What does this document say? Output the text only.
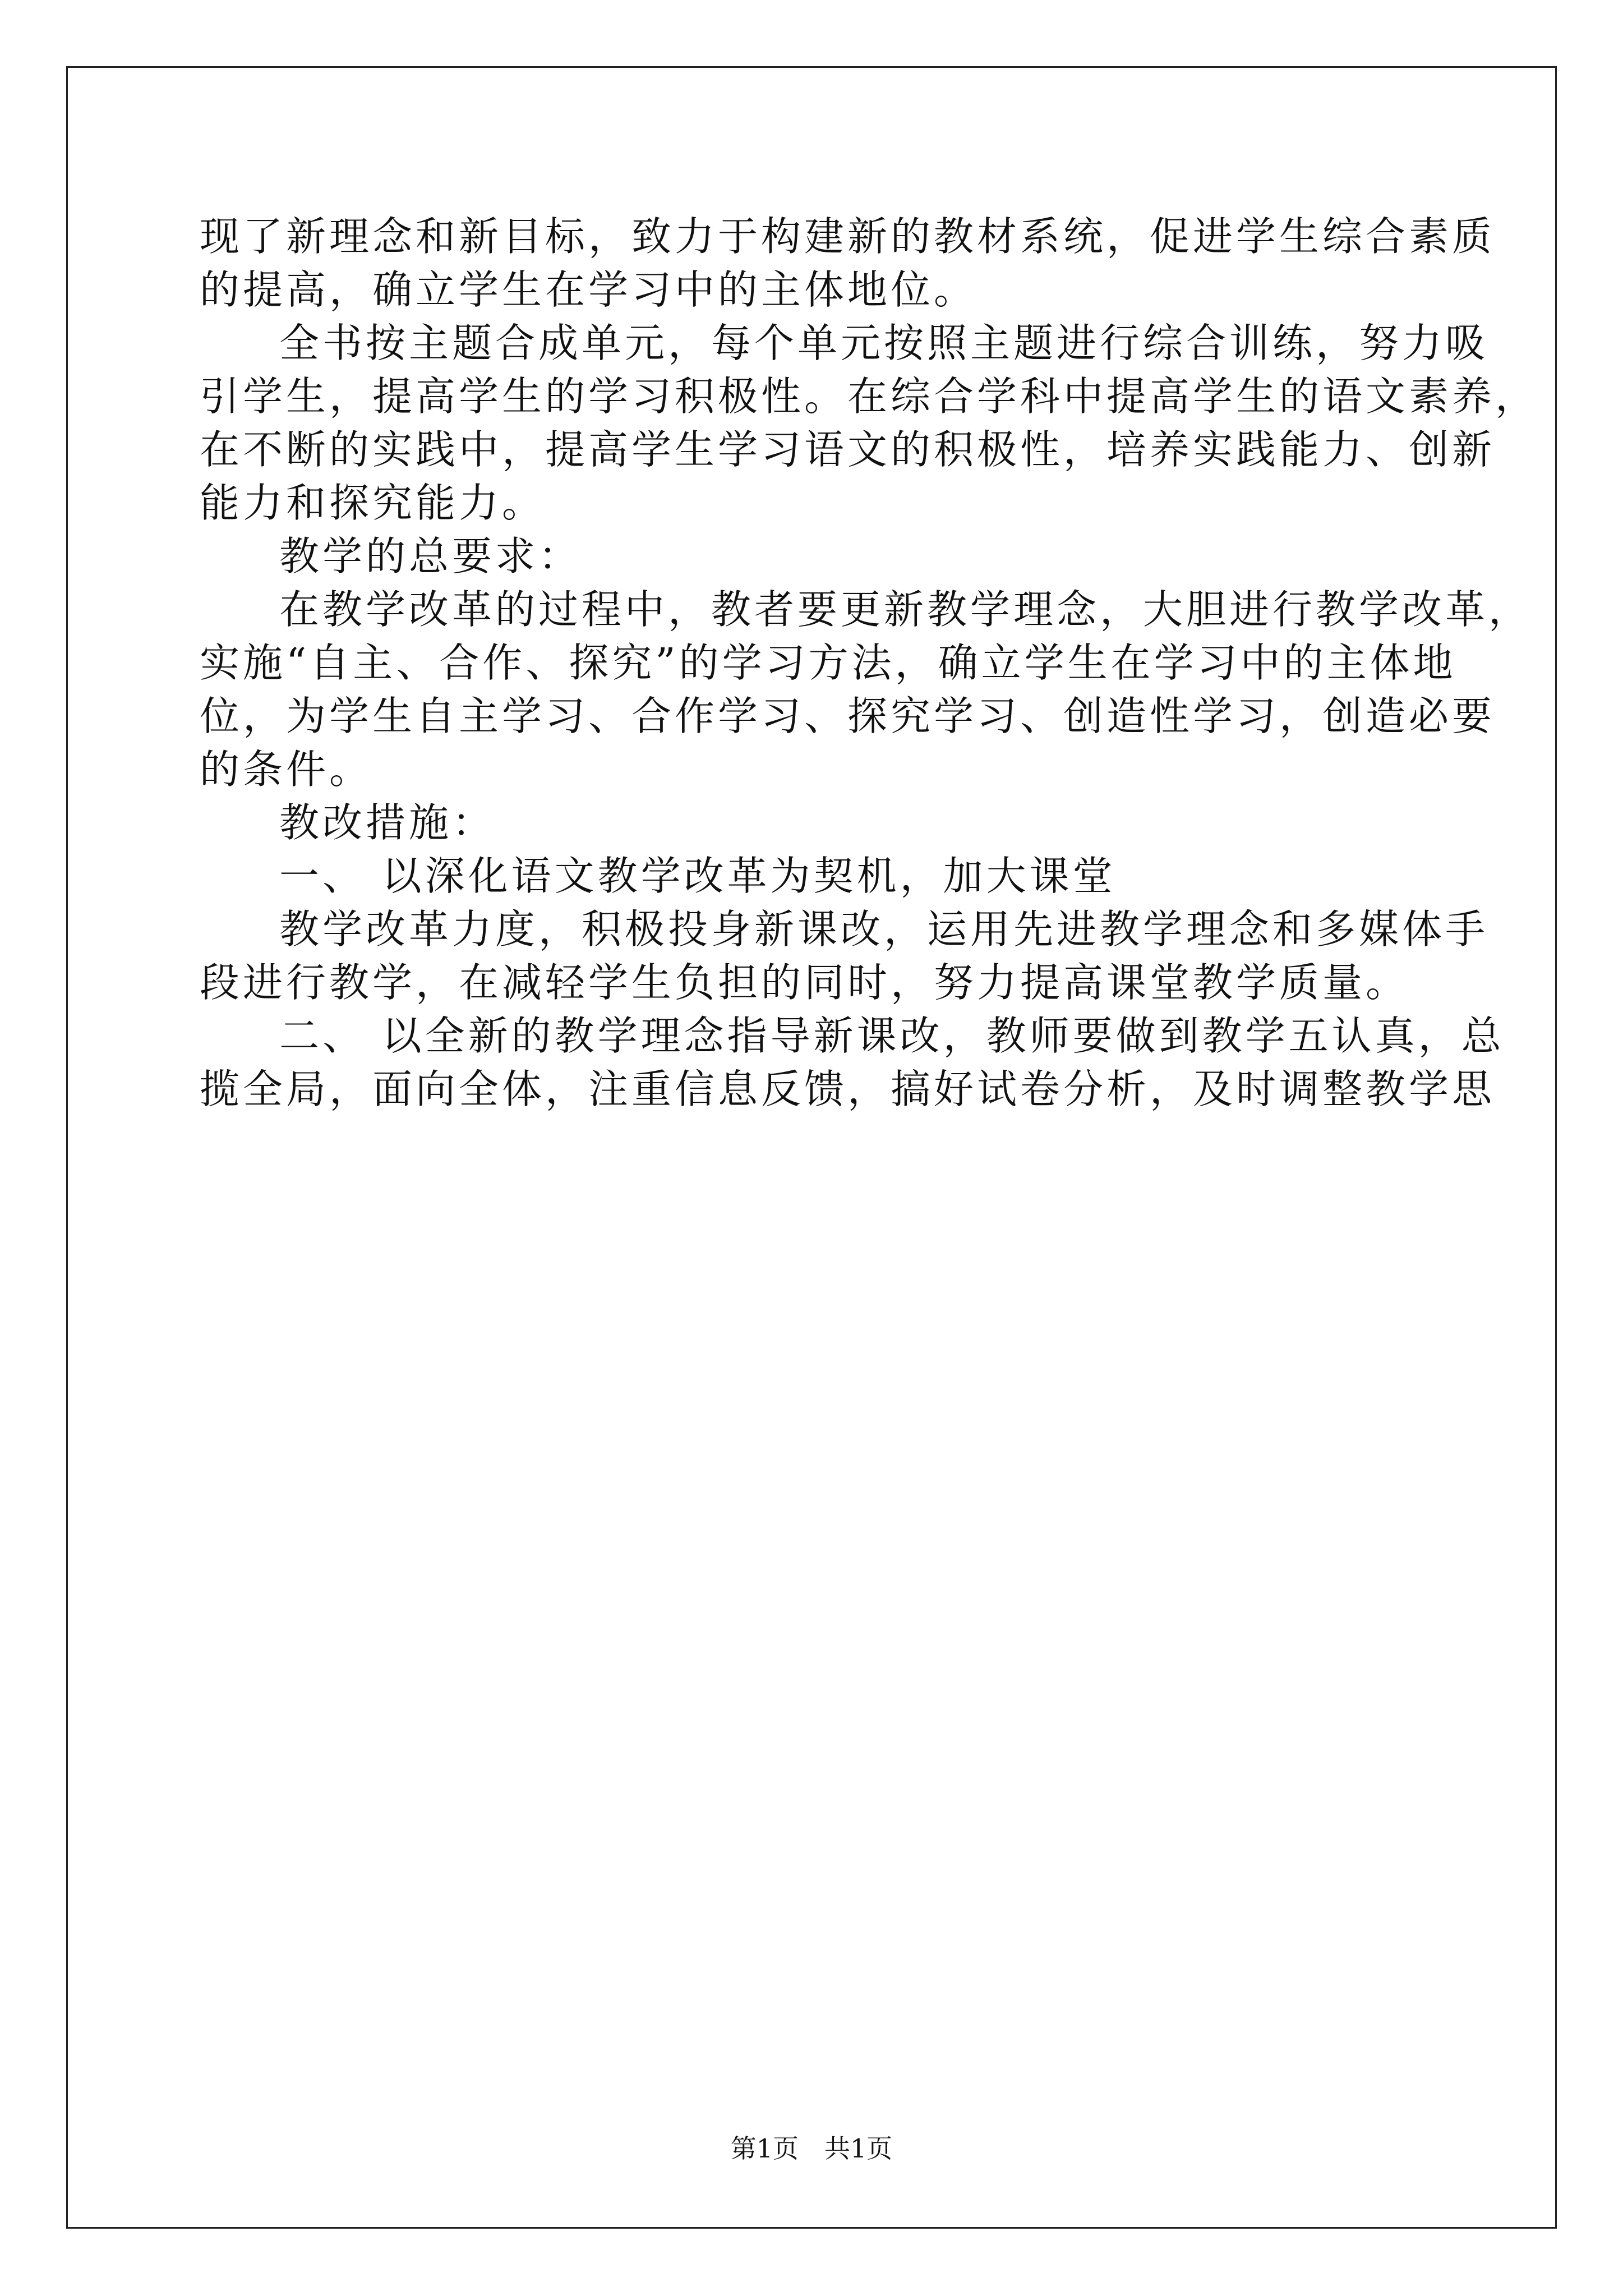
现了新理念和新目标，致力于构建新的教材系统，促进学生综合素质
的提高，确立学生在学习中的主体地位。
全书按主题合成单元，每个单元按照主题进行综合训练，努力吸
引学生，提高学生的学习积极性。在综合学科中提高学生的语文素养，
在不断的实践中，提高学生学习语文的积极性，培养实践能力、创新
能力和探究能力。
教学的总要求：
在教学改革的过程中，教者要更新教学理念，大胆进行教学改革，
实施“自主、合作、探究”的学习方法，确立学生在学习中的主体地
位，为学生自主学习、合作学习、探究学习、创造性学习，创造必要
的条件。
教改措施：
一、 以深化语文教学改革为契机，加大课堂
教学改革力度，积极投身新课改，运用先进教学理念和多媒体手
段进行教学，在减轻学生负担的同时，努力提高课堂教学质量。
二、 以全新的教学理念指导新课改，教师要做到教学五认真，总
揽全局，面向全体，注重信息反馈，搞好试卷分析，及时调整教学思
第1页　共1页
